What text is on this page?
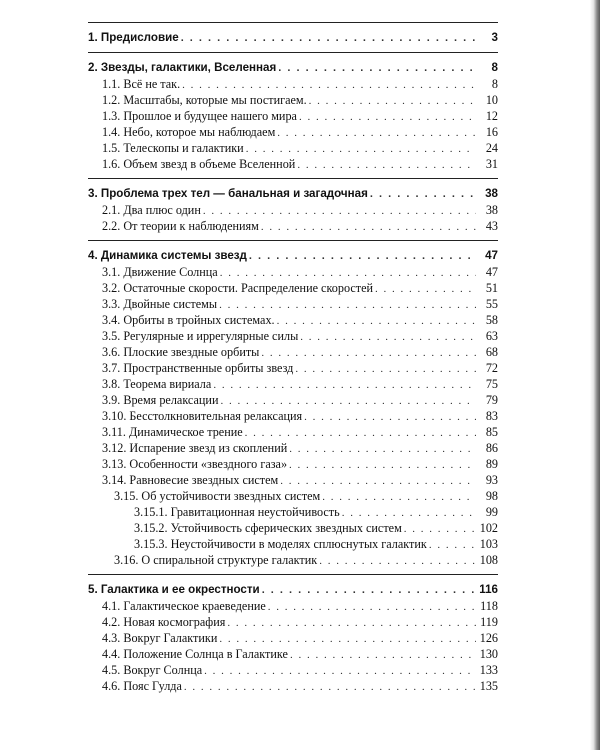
1. Предисловие . . .	3
2. Звезды, галактики, Вселенная . . .	8
1.1. Всё не так. . . .	8
1.2. Масштабы, которые мы постигаем. . . .	10
1.3. Прошлое и будущее нашего мира . . .	12
1.4. Небо, которое мы наблюдаем . . .	16
1.5. Телескопы и галактики . . .	24
1.6. Объем звезд в объеме Вселенной . . .	31
3. Проблема трех тел — банальная и загадочная . . .	38
2.1. Два плюс один . . .	38
2.2. От теории к наблюдениям . . .	43
4. Динамика системы звезд . . .	47
3.1. Движение Солнца . . .	47
3.2. Остаточные скорости. Распределение скоростей . . .	51
3.3. Двойные системы . . .	55
3.4. Орбиты в тройных системах. . . .	58
3.5. Регулярные и иррегулярные силы . . .	63
3.6. Плоские звездные орбиты . . .	68
3.7. Пространственные орбиты звезд . . .	72
3.8. Теорема вириала . . .	75
3.9. Время релаксации . . .	79
3.10. Бесстолкновительная релаксация . . .	83
3.11. Динамическое трение . . .	85
3.12. Испарение звезд из скоплений . . .	86
3.13. Особенности «звездного газа» . . .	89
3.14. Равновесие звездных систем . . .	93
3.15. Об устойчивости звездных систем . . .	98
3.15.1. Гравитационная неустойчивость . . .	99
3.15.2. Устойчивость сферических звездных систем . . .	102
3.15.3. Неустойчивости в моделях сплюснутых галактик . . .	103
3.16. О спиральной структуре галактик . . .	108
5. Галактика и ее окрестности . . .	116
4.1. Галактическое краеведение . . .	118
4.2. Новая космография . . .	119
4.3. Вокруг Галактики . . .	126
4.4. Положение Солнца в Галактике . . .	130
4.5. Вокруг Солнца . . .	133
4.6. Пояс Гулда . . .	135
